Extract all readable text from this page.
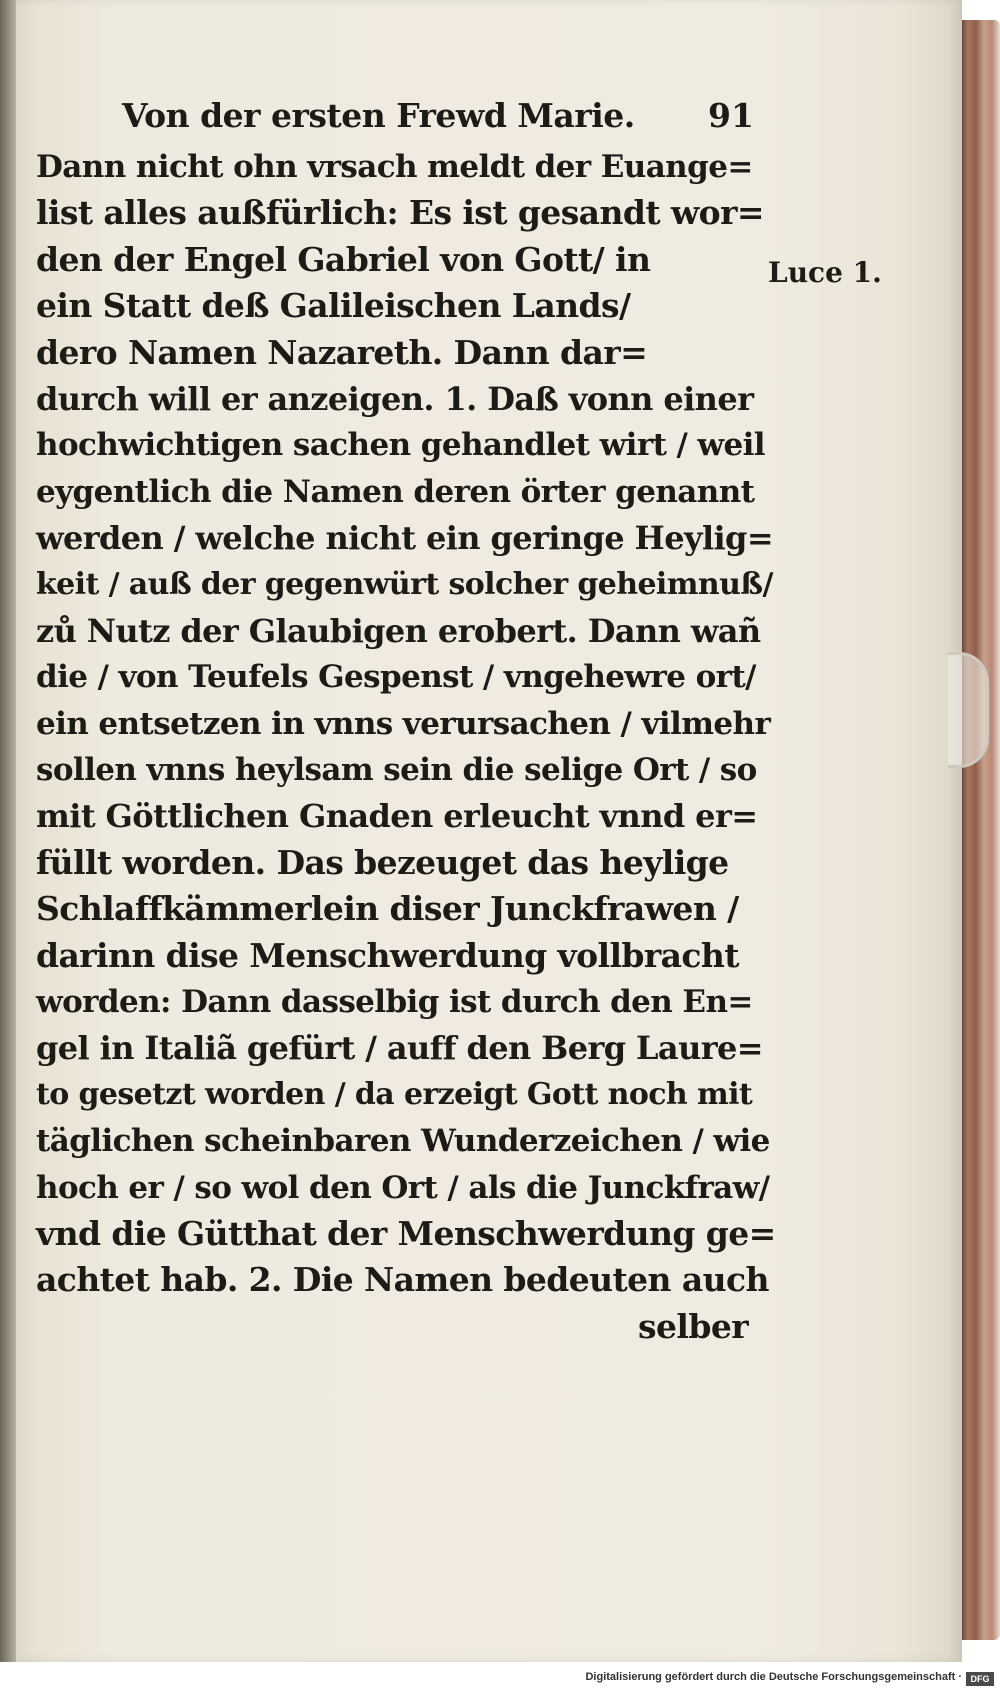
Von der ersten Frewd Marie. 91
Dann nicht ohn vrsach meldt der Euange=
list alles außfürlich: Es ist gesandt wor=
den der Engel Gabriel von Gott/ in
ein Statt deß Galileischen Lands/
dero Namen Nazareth. Dann dar=
durch will er anzeigen. 1. Daß vonn einer
hochwichtigen sachen gehandlet wirt / weil
eygentlich die Namen deren örter genannt
werden / welche nicht ein geringe Heylig=
keit / auß der gegenwürt solcher geheimnuß/
zů Nutz der Glaubigen erobert. Dann wañ
die / von Teufels Gespenst / vngehewre ort/
ein entsetzen in vnns verursachen / vilmehr
sollen vnns heylsam sein die selige Ort / so
mit Göttlichen Gnaden erleucht vnnd er=
füllt worden. Das bezeuget das heylige
Schlaffkämmerlein diser Junckfrawen /
darinn dise Menschwerdung vollbracht
worden: Dann dasselbig ist durch den En=
gel in Italiã gefürt / auff den Berg Laure=
to gesetzt worden / da erzeigt Gott noch mit
täglichen scheinbaren Wunderzeichen / wie
hoch er / so wol den Ort / als die Junckfraw/
vnd die Gütthat der Menschwerdung ge=
achtet hab. 2. Die Namen bedeuten auch
selber
Luce 1.
Digitalisierung gefördert durch die Deutsche Forschungsgemeinschaft · DFG
